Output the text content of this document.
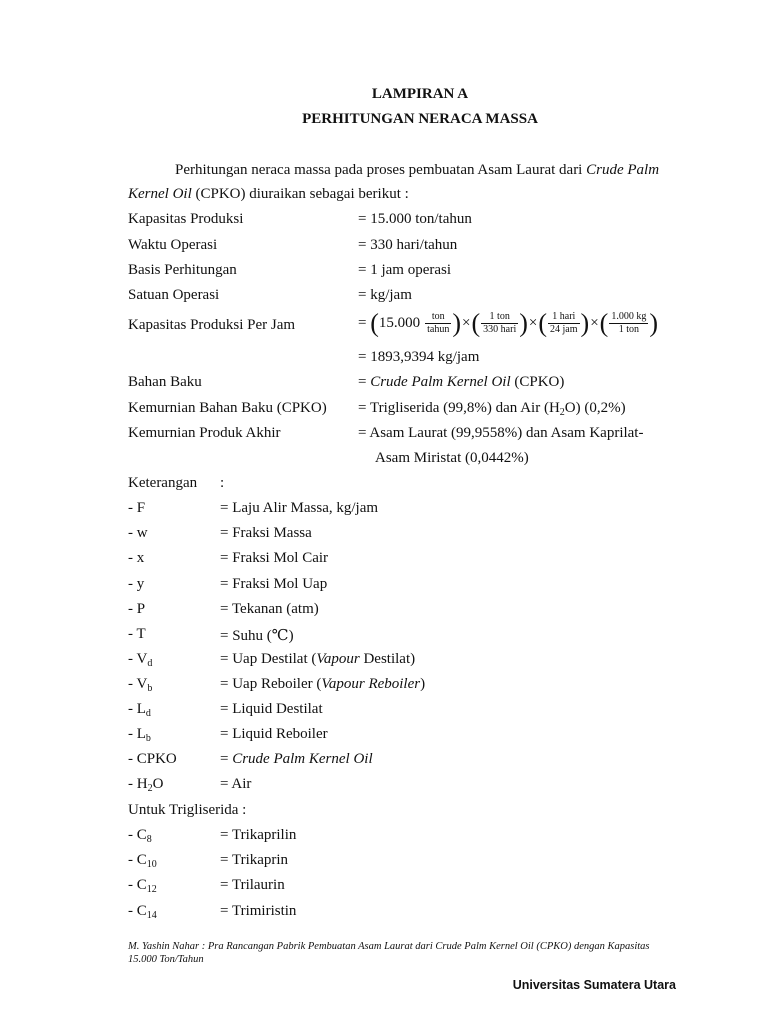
LAMPIRAN A
PERHITUNGAN NERACA MASSA
Perhitungan neraca massa pada proses pembuatan Asam Laurat dari Crude Palm
Kernel Oil (CPKO) diuraikan sebagai berikut :
Kapasitas Produksi	= 15.000 ton/tahun
Waktu Operasi	= 330 hari/tahun
Basis Perhitungan	= 1 jam operasi
Satuan Operasi	= kg/jam
Kapasitas Produksi Per Jam	= ($15.000 \frac{\text{ton}}{\text{tahun}}$ )×( $\frac{\text{1 ton}}{\text{330 hari}}$ )×( $\frac{\text{1 hari}}{\text{24 jam}}$ )×( $\frac{1.000 kg}{\text{1 ton}}$ )
= 1893,9394 kg/jam
Bahan Baku	= Crude Palm Kernel Oil (CPKO)
Kemurnian Bahan Baku (CPKO) = Trigliserida (99,8%) dan Air $(H_2O)$ (0,2%)
Kemurnian Produk Akhir	= Asam Laurat (99,9558%) dan Asam Kaprilat-
Asam Miristat (0,0442%)
Keterangan :
- F	= Laju Alir Massa, kg/jam
- w	= Fraksi Massa
- x	= Fraksi Mol Cair
- y	= Fraksi Mol Uap
- P	= Tekanan (atm)
- T	= Suhu (℃)
- $V_d$	= Uap Destilat (Vapour Destilat)
- $V_b$	= Uap Reboiler (Vapour Reboiler)
- $L_d$	= Liquid Destilat
- $L_b$	= Liquid Reboiler
- CPKO	= Crude Palm Kernel Oil
- $H_2O$	= Air
Untuk Trigliserida :
- $C_8$	= Trikaprilin
- $C_{10}$	= Trikaprin
- $C_{12}$	= Trilaurin
- $C_{14}$	= Trimiristin
M. Yashin Nahar : Pra Rancangan Pabrik Pembuatan Asam Laurat dari Crude Palm Kernel Oil (CPKO) dengan Kapasitas 15.000 Ton/Tahun
Universitas Sumatera Utara
